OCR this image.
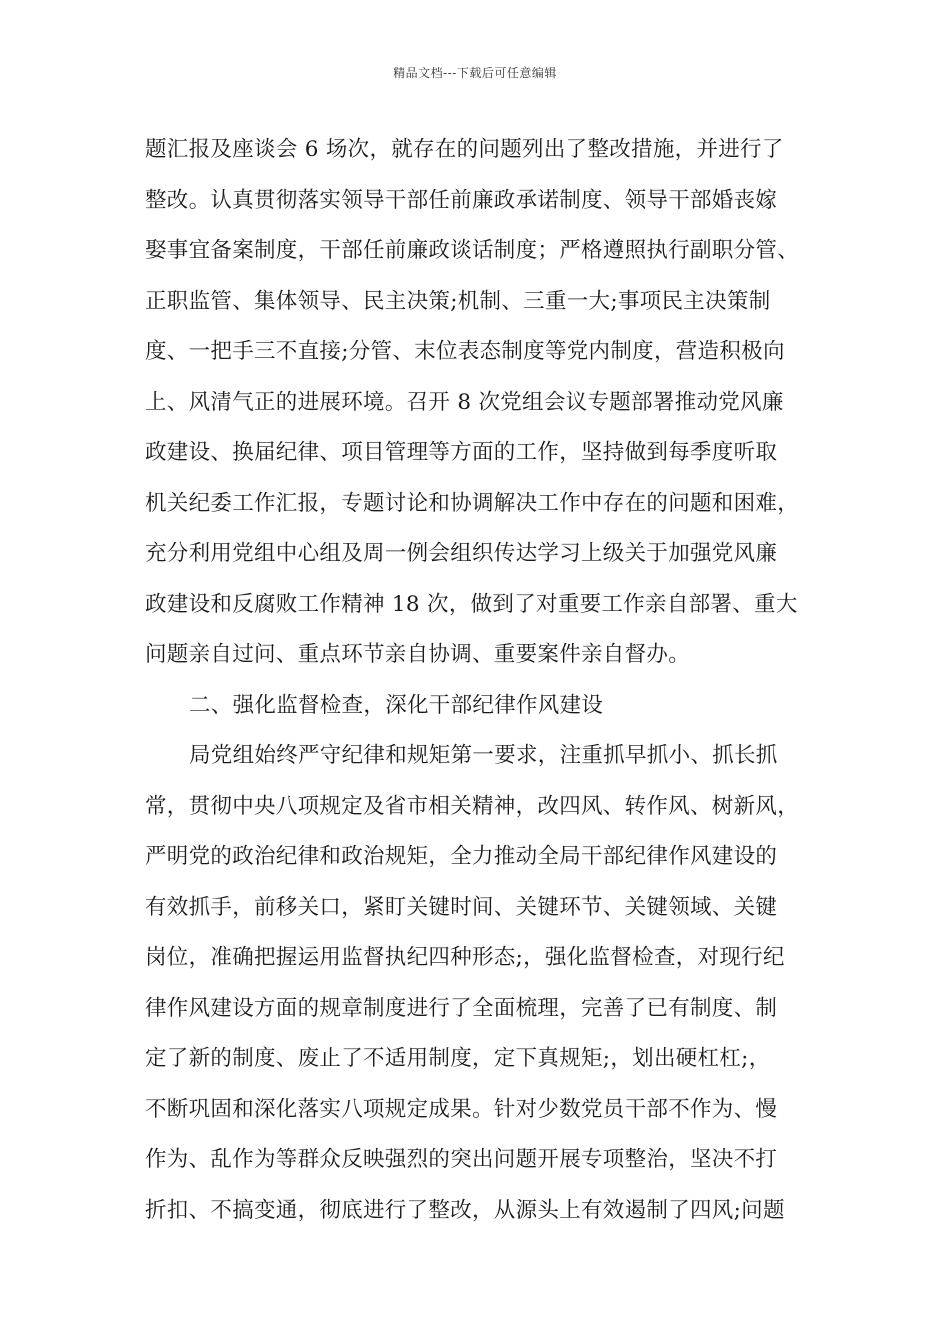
精品文档---下载后可任意编辑
题汇报及座谈会 6 场次，就存在的问题列出了整改措施，并进行了
整改。认真贯彻落实领导干部任前廉政承诺制度、领导干部婚丧嫁
娶事宜备案制度，干部任前廉政谈话制度；严格遵照执行副职分管、
正职监管、集体领导、民主决策;机制、三重一大;事项民主决策制
度、一把手三不直接;分管、末位表态制度等党内制度，营造积极向
上、风清气正的进展环境。召开 8 次党组会议专题部署推动党风廉
政建设、换届纪律、项目管理等方面的工作，坚持做到每季度听取
机关纪委工作汇报，专题讨论和协调解决工作中存在的问题和困难，
充分利用党组中心组及周一例会组织传达学习上级关于加强党风廉
政建设和反腐败工作精神 18 次，做到了对重要工作亲自部署、重大
问题亲自过问、重点环节亲自协调、重要案件亲自督办。
二、强化监督检查，深化干部纪律作风建设
局党组始终严守纪律和规矩第一要求，注重抓早抓小、抓长抓
常，贯彻中央八项规定及省市相关精神，改四风、转作风、树新风，
严明党的政治纪律和政治规矩，全力推动全局干部纪律作风建设的
有效抓手，前移关口，紧盯关键时间、关键环节、关键领域、关键
岗位，准确把握运用监督执纪四种形态;，强化监督检查，对现行纪
律作风建设方面的规章制度进行了全面梳理，完善了已有制度、制
定了新的制度、废止了不适用制度，定下真规矩;，划出硬杠杠;，
不断巩固和深化落实八项规定成果。针对少数党员干部不作为、慢
作为、乱作为等群众反映强烈的突出问题开展专项整治，坚决不打
折扣、不搞变通，彻底进行了整改，从源头上有效遏制了四风;问题
